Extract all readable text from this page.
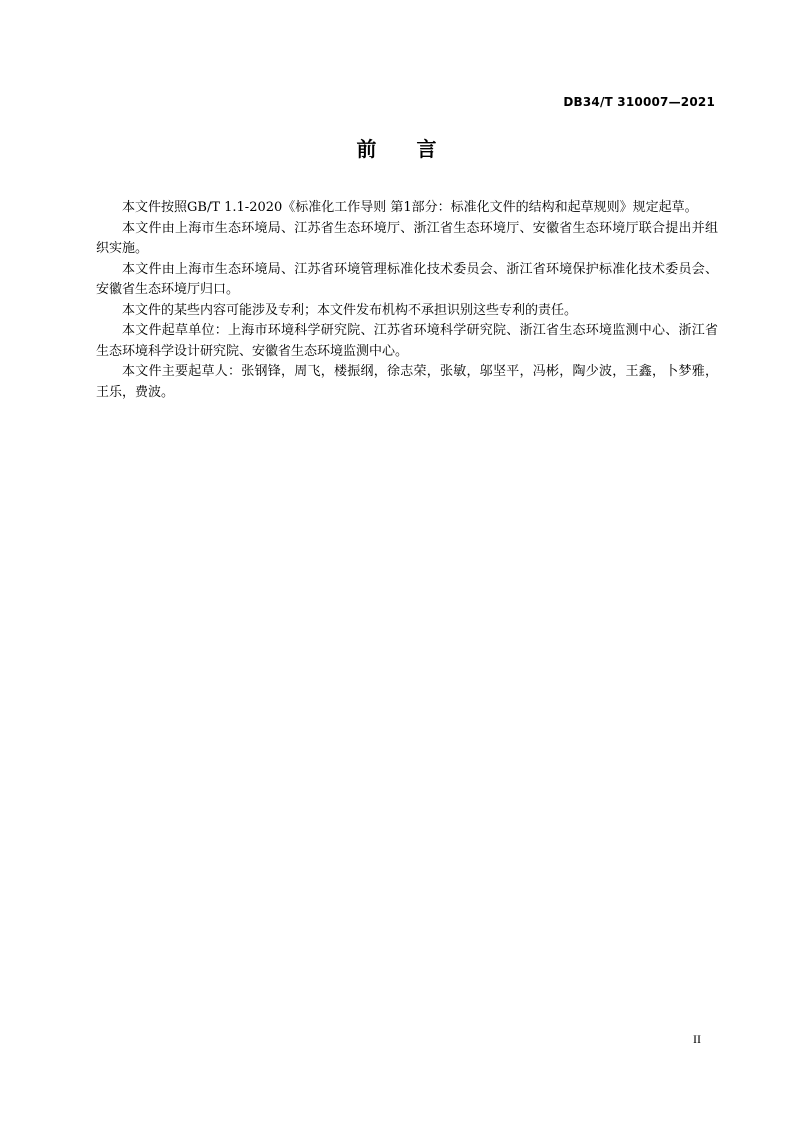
DB34/T 310007—2021
前　　言

本文件按照GB/T 1.1-2020《标准化工作导则 第1部分：标准化文件的结构和起草规则》规定起草。

本文件由上海市生态环境局、江苏省生态环境厅、浙江省生态环境厅、安徽省生态环境厅联合提出并组织实施。

本文件由上海市生态环境局、江苏省环境管理标准化技术委员会、浙江省环境保护标准化技术委员会、安徽省生态环境厅归口。

本文件的某些内容可能涉及专利；本文件发布机构不承担识别这些专利的责任。

本文件起草单位：上海市环境科学研究院、江苏省环境科学研究院、浙江省生态环境监测中心、浙江省生态环境科学设计研究院、安徽省生态环境监测中心。

本文件主要起草人：张钢锋，周飞，楼振纲，徐志荣，张敏，邬坚平，冯彬，陶少波，王鑫，卜梦雅，王乐，费波。

II
